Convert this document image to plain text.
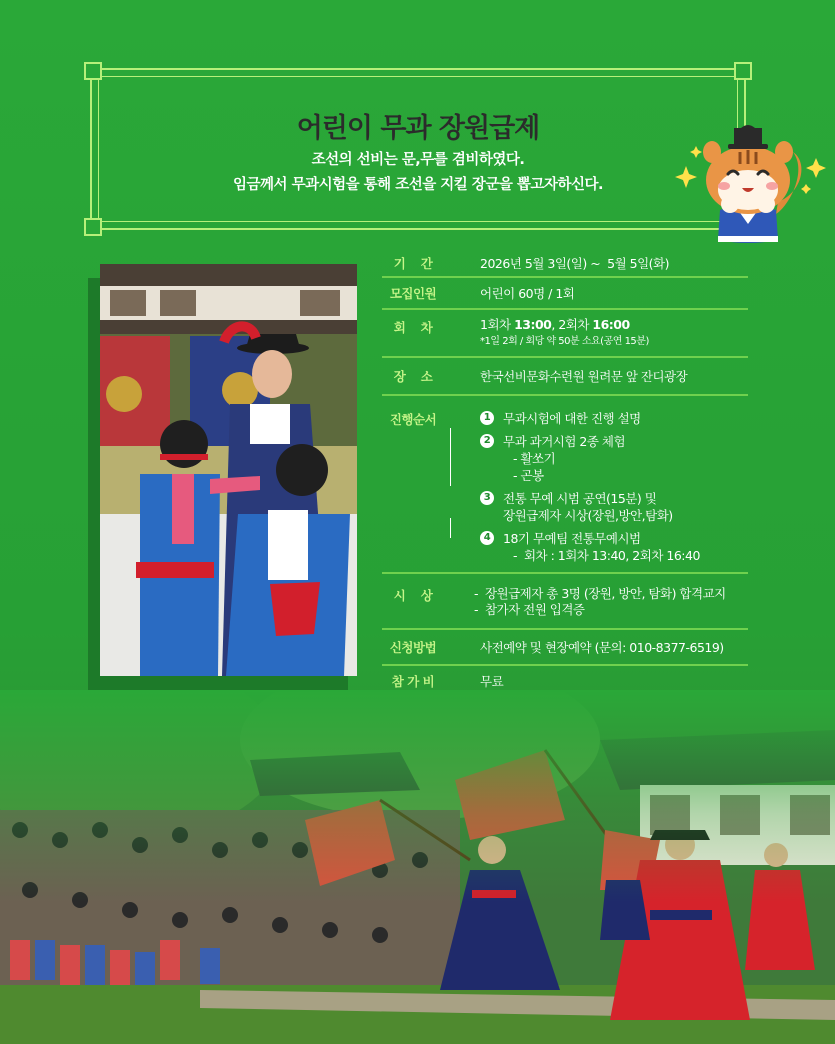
어린이 무과 장원급제
조선의 선비는 문,무를 겸비하였다.
임금께서 무과시험을 통해 조선을 지킬 장군을 뽑고자하신다.
기    간	2026년 5월 3일(일) ~  5월 5일(화)
모집인원	어린이 60명 / 1회
회    차	1회차 13:00, 2회차 16:00
*1일 2회 / 회당 약 50분 소요(공연 15분)
장    소	한국선비문화수련원 원려문 앞 잔디광장
진행순서	1	무과시험에 대한 진행 설명
2	무과 과거시험 2종 체험
- 활쏘기
- 곤봉
3	전통 무예 시범 공연(15분) 및
장원급제자 시상(장원,방안,탐화)
4	18기 무예팀 전통무예시범
-  회차 : 1회차 13:40, 2회차 16:40
시    상	-  장원급제자 총 3명 (장원, 방안, 탐화) 합격교지
-  참가자 전원 입격증
신청방법	사전예약 및 현장예약 (문의: 010-8377-6519)
참 가 비	무료
